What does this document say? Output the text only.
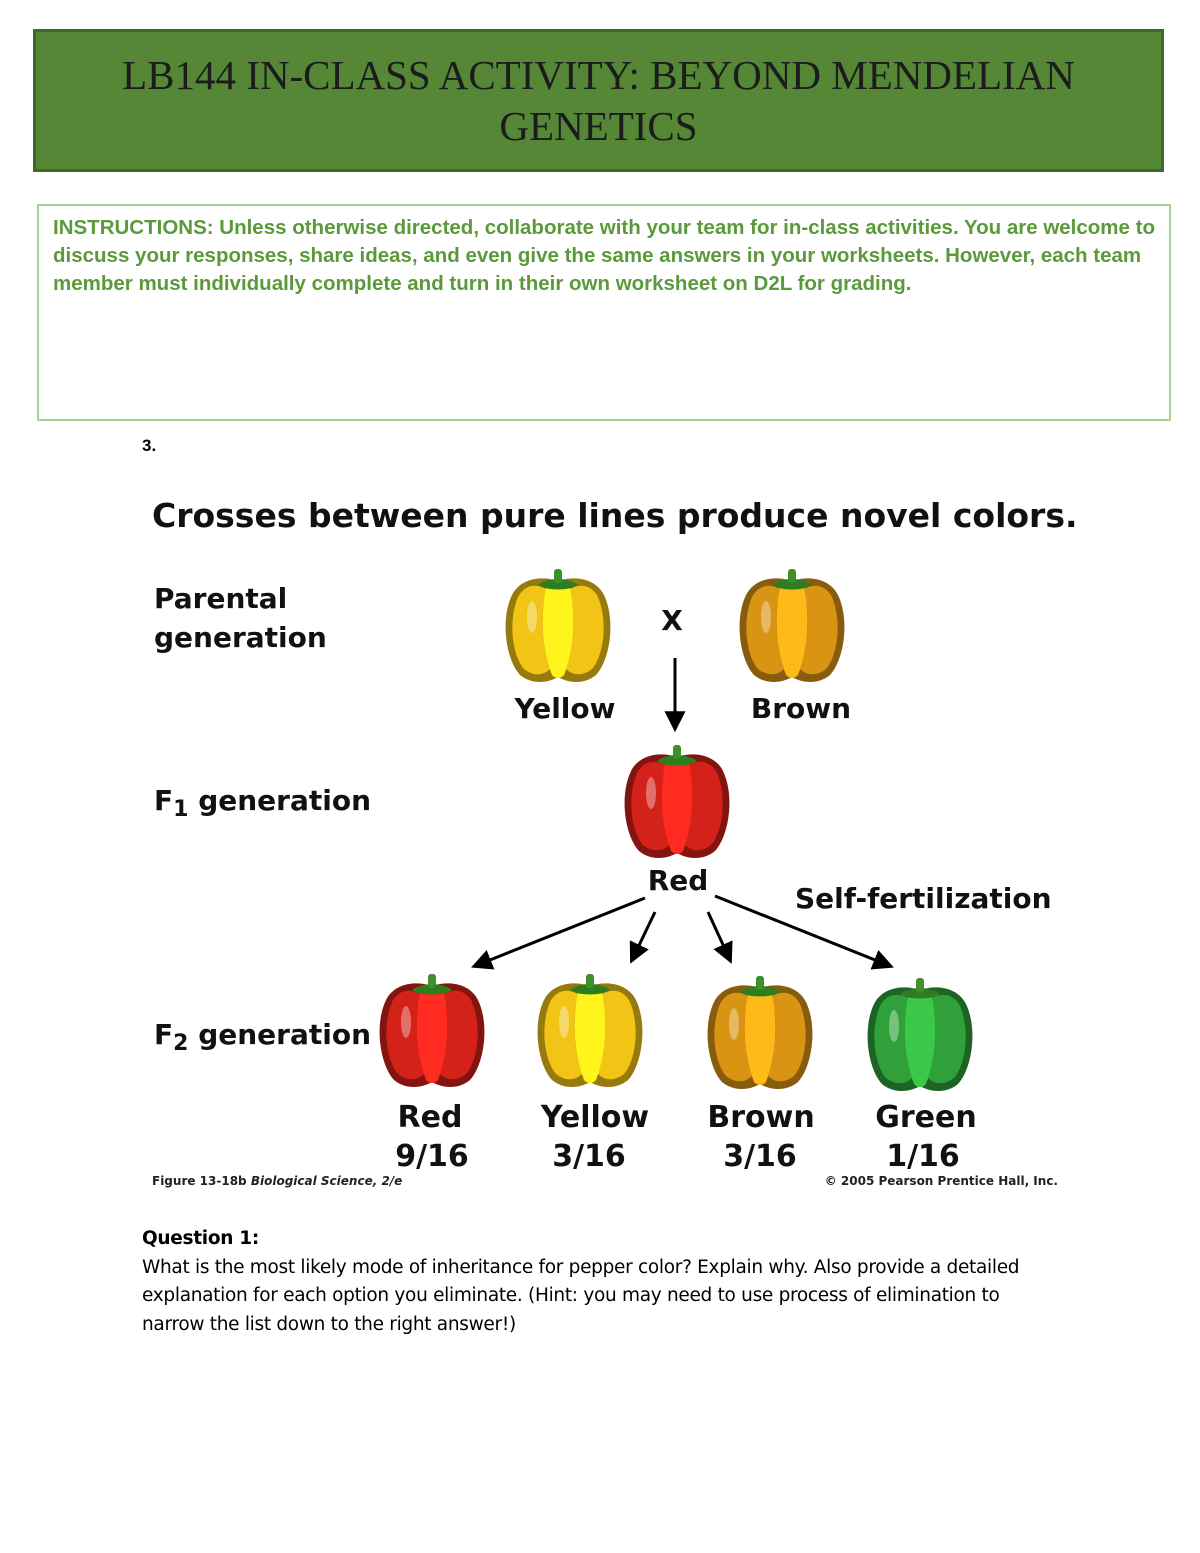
LB144 IN-CLASS ACTIVITY: BEYOND MENDELIAN
GENETICS
INSTRUCTIONS: Unless otherwise directed, collaborate with your team for in-class activities. You are welcome to discuss your responses, share ideas, and even give the same answers in your worksheets. However, each team member must individually complete and turn in their own worksheet on D2L for grading.
3.
Crosses between pure lines produce novel colors.
Parental
generation
$F_1$ generation
$F_2$ generation
X
Self-fertilization
Yellow	Brown
Red
Red
9/16
Yellow
3/16
Brown
3/16
Green
1/16
Figure 13-18b Biological Science, 2/e	© 2005 Pearson Prentice Hall, Inc.
Question 1:
What is the most likely mode of inheritance for pepper color? Explain why. Also provide a detailed explanation for each option you eliminate. (Hint: you may need to use process of elimination to narrow the list down to the right answer!)
